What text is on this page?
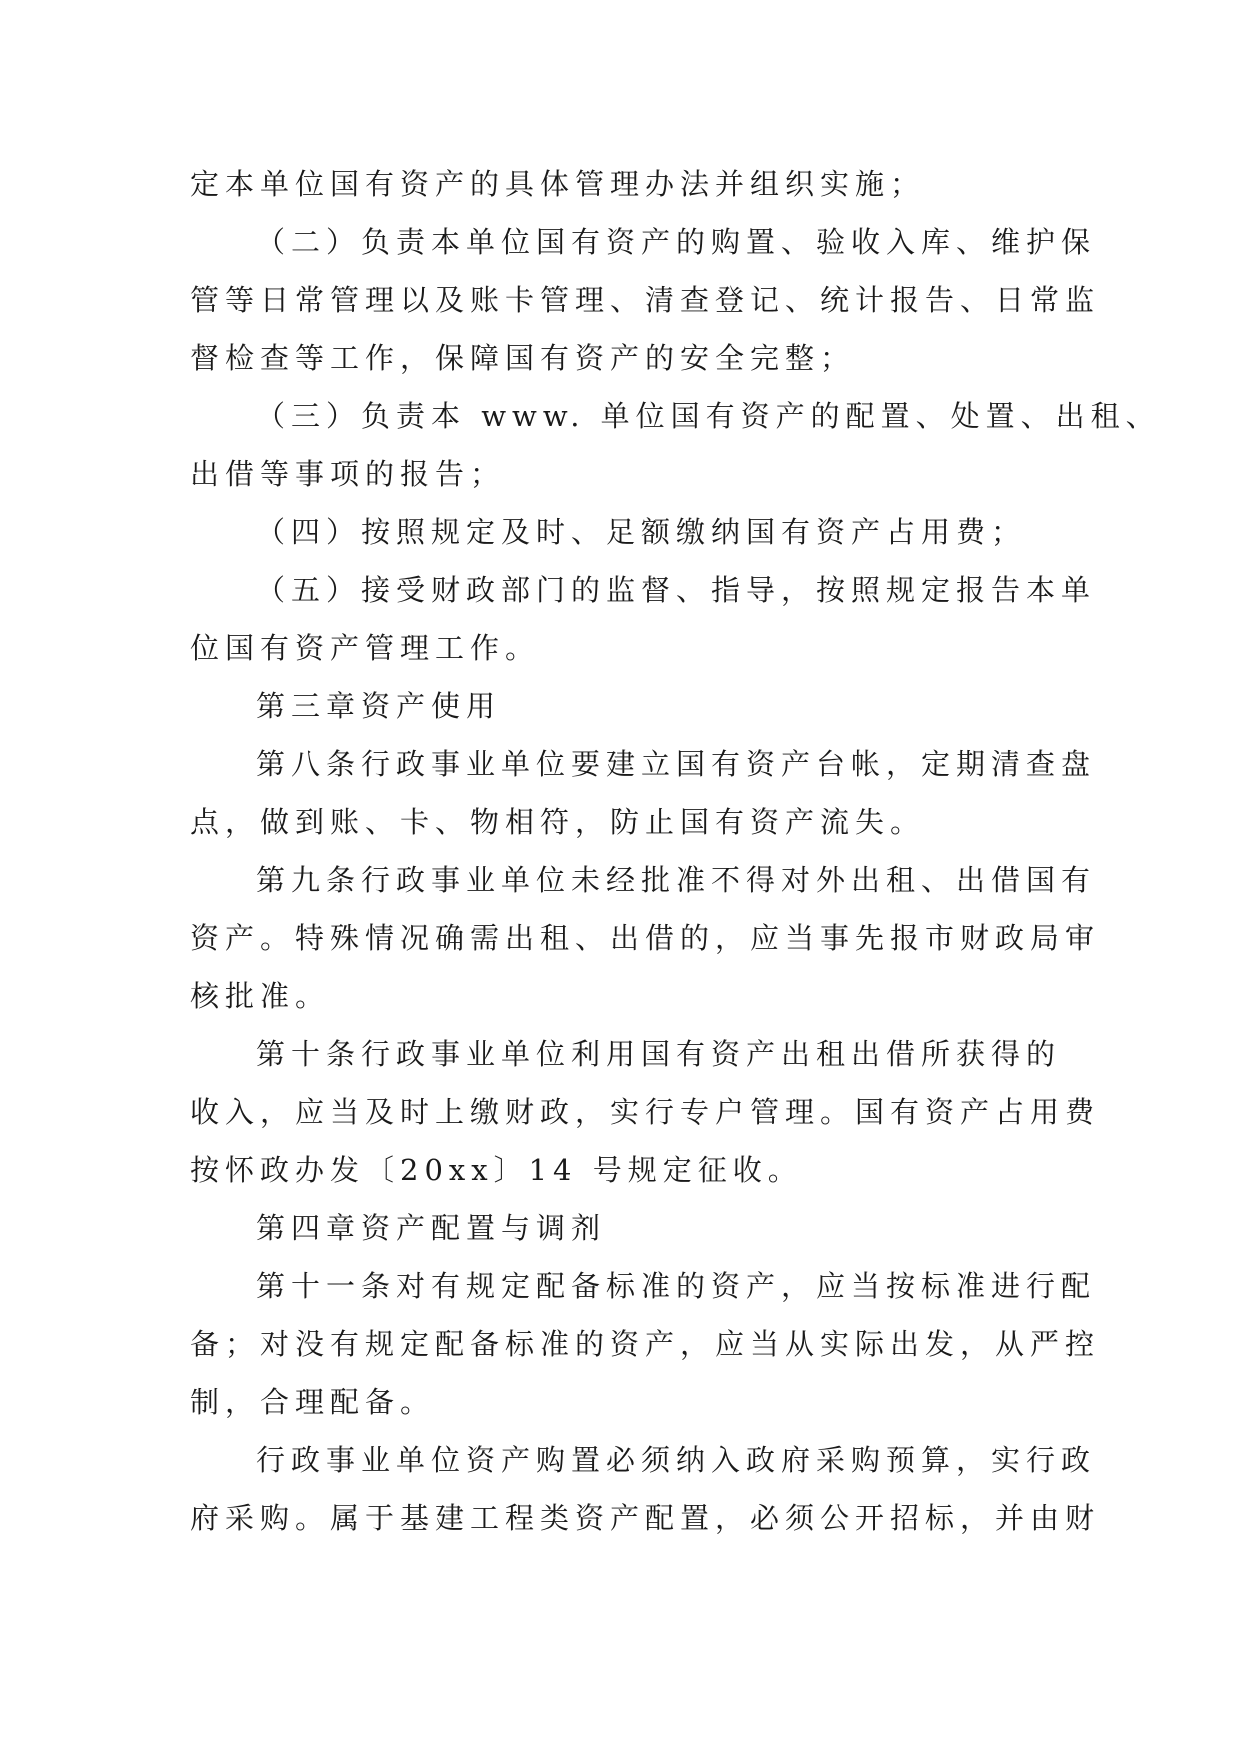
定本单位国有资产的具体管理办法并组织实施；
（二）负责本单位国有资产的购置、验收入库、维护保
管等日常管理以及账卡管理、清查登记、统计报告、日常监
督检查等工作，保障国有资产的安全完整；
（三）负责本 www. 单位国有资产的配置、处置、出租、
出借等事项的报告；
（四）按照规定及时、足额缴纳国有资产占用费；
（五）接受财政部门的监督、指导，按照规定报告本单
位国有资产管理工作。
第三章资产使用
第八条行政事业单位要建立国有资产台帐，定期清查盘
点，做到账、卡、物相符，防止国有资产流失。
第九条行政事业单位未经批准不得对外出租、出借国有
资产。特殊情况确需出租、出借的，应当事先报市财政局审
核批准。
第十条行政事业单位利用国有资产出租出借所获得的
收入，应当及时上缴财政，实行专户管理。国有资产占用费
按怀政办发〔20xx〕14 号规定征收。
第四章资产配置与调剂
第十一条对有规定配备标准的资产，应当按标准进行配
备；对没有规定配备标准的资产，应当从实际出发，从严控
制，合理配备。
行政事业单位资产购置必须纳入政府采购预算，实行政
府采购。属于基建工程类资产配置，必须公开招标，并由财
